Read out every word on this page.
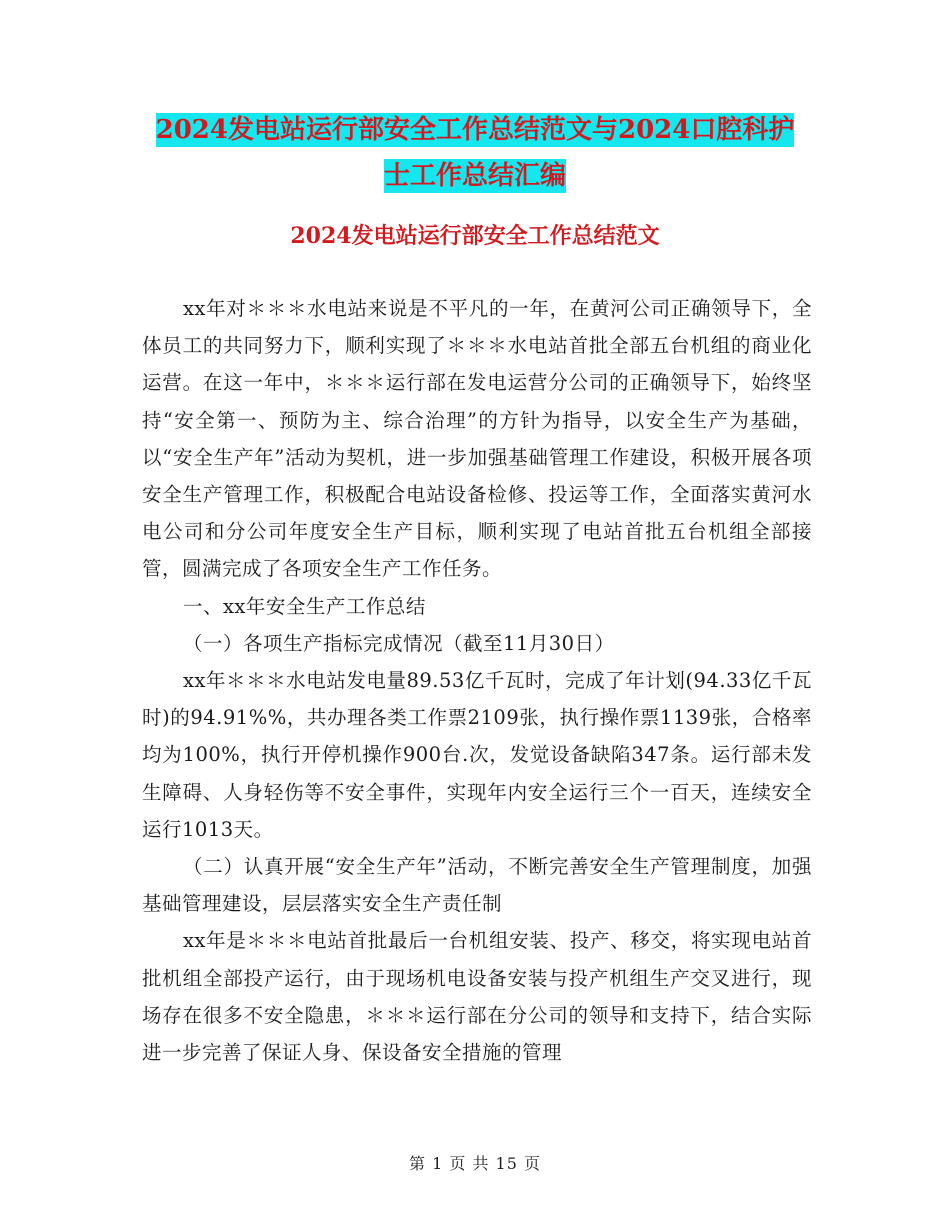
2024发电站运行部安全工作总结范文与2024口腔科护
士工作总结汇编
2024发电站运行部安全工作总结范文

xx年对＊＊＊水电站来说是不平凡的一年，在黄河公司正确领导下，全体员工的共同努力下，顺利实现了＊＊＊水电站首批全部五台机组的商业化运营。在这一年中，＊＊＊运行部在发电运营分公司的正确领导下，始终坚持“安全第一、预防为主、综合治理”的方针为指导，以安全生产为基础，以“安全生产年”活动为契机，进一步加强基础管理工作建设，积极开展各项安全生产管理工作，积极配合电站设备检修、投运等工作，全面落实黄河水电公司和分公司年度安全生产目标，顺利实现了电站首批五台机组全部接管，圆满完成了各项安全生产工作任务。

一、xx年安全生产工作总结

（一）各项生产指标完成情况（截至11月30日）

xx年＊＊＊水电站发电量89.53亿千瓦时，完成了年计划(94.33亿千瓦时)的94.91%%，共办理各类工作票2109张，执行操作票1139张，合格率均为100%，执行开停机操作900台.次，发觉设备缺陷347条。运行部未发生障碍、人身轻伤等不安全事件，实现年内安全运行三个一百天，连续安全运行1013天。

（二）认真开展“安全生产年”活动，不断完善安全生产管理制度，加强基础管理建设，层层落实安全生产责任制

xx年是＊＊＊电站首批最后一台机组安装、投产、移交，将实现电站首批机组全部投产运行，由于现场机电设备安装与投产机组生产交叉进行，现场存在很多不安全隐患，＊＊＊运行部在分公司的领导和支持下，结合实际进一步完善了保证人身、保设备安全措施的管理

第 1 页 共 15 页
